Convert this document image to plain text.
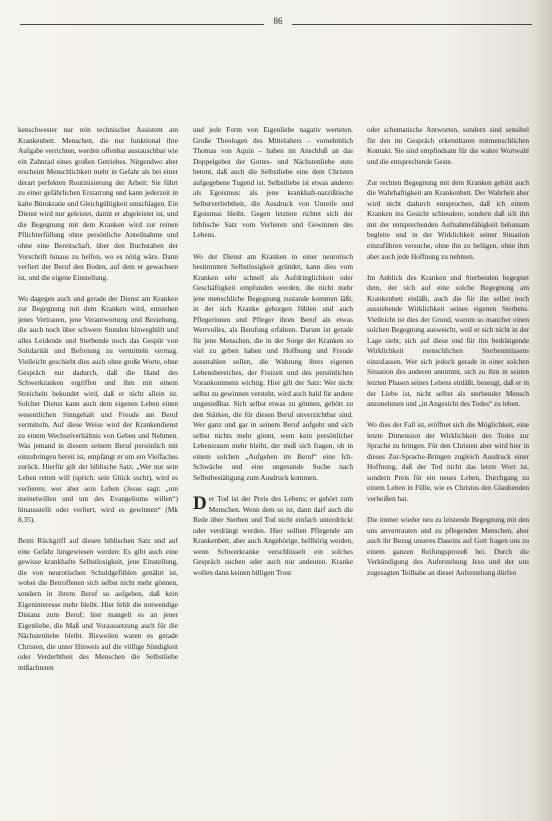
86

kenschwester nur rein technischer Assistent am Krankenbett. Menschen, die nur funktional ihre Aufgabe verrichten, werden offenbar austauschbar wie ein Zahnrad eines großen Getriebes. Nirgendwo aber erscheint Menschlichkeit mehr in Gefahr als bei einer derart perfekten Routinisierung der Arbeit: Sie führt zu einer gefährlichen Erstarrung und kann jederzeit in kalte Bürokratie und Gleichgültigkeit umschlagen. Ein Dienst wird nur geleistet, damit er abgeleistet ist, und die Begegnung mit dem Kranken wird zur reinen Pflichterfüllung ohne persönliche Anteilnahme und ohne eine Bereitschaft, über den Buchstaben der Vorschrift hinaus zu helfen, wo es nötig wäre. Dann verliert der Beruf den Boden, auf dem er gewachsen ist, und die eigene Einstellung.

Wo dagegen auch und gerade der Dienst am Kranken zur Begegnung mit dem Kranken wird, entstehen jenes Vertrauen, jene Verantwortung und Beziehung, die auch noch über schwere Stunden hinweghilft und alles Leidende und Sterbende noch das Gespür von Solidarität und Befreiung zu vermitteln vermag. Vielleicht geschieht dies auch ohne große Worte, ohne Gespräch nur dadurch, daß die Hand des Schwerkranken ergriffen und ihm mit einem Streicheln bekundet wird, daß er nicht allein ist. Solcher Dienst kann auch dem eigenen Leben einen wesentlichen Sinngehalt und Freude am Beruf vermitteln. Auf diese Weise wird der Krankendienst zu einem Wechselverhältnis von Geben und Nehmen. Was jemand in diesem seinem Beruf persönlich mit einzubringen bereit ist, empfängt er um ein Vielfaches zurück. Hierfür gilt der biblische Satz: „Wer nur sein Leben retten will (sprich: sein Glück sucht), wird es verlieren; wer aber sein Leben (Jesus sagt: „um meinetwillen und um des Evangeliums willen“) hinausstellt oder verliert, wird es gewinnen“ (Mk 8,35).

Beim Rückgriff auf diesen biblischen Satz und auf eine Gefahr hingewiesen werden: Es gibt auch eine gewisse krankhafte Selbstlosigkeit, jene Einstellung, die von neurotischen Schuldgefühlen genährt ist, wobei die Betroffenen sich selbst nicht mehr gönnen, sondern in ihrem Beruf so aufgehen, daß kein Eigeninteresse mehr bleibt. Hier fehlt die notwendige Distanz zum Beruf; hier mangelt es an jener Eigenliebe, die Maß und Voraussetzung auch für die Nächstenliebe bleibt. Bisweilen waren es gerade Christen, die unter Hinweis auf die völlige Sündigkeit oder Verderbtheit des Menschen die Selbstliebe mißachteten

und jede Form von Eigenliebe nagativ werteten. Große Theologen des Mittelalters – vornehmlich Thomas von Aquin – haben im Anschluß an das Doppelgebot der Gottes- und Nächstenliebe stets betont, daß auch die Selbstliebe eine dem Christen aufgegebene Tugend ist. Selbstliebe ist etwas anderes als Egoismus: als jene krankhaft-narzißtische Selbstverliebtheit, die Ausdruck von Unreife und Egoismus bleibt. Gegen letztere richtet sich der biblische Satz vom Verlieren und Gewinnen des Lebens.

Wo der Dienst am Kranken in einer neurotisch bestimmten Selbstlosigkeit gründet, kann dies vom Kranken sehr schnell als Aufdringlichkeit oder Geschäftigkeit empfunden werden, die nicht mehr jene menschliche Begegnung zustande kommen läßt, in der sich Kranke geborgen fühlen und auch Pflegerinnen und Pfleger ihren Beruf als etwas Wertvolles, als Berufung erfahren. Darum ist gerade für jene Menschen, die in der Sorge der Kranken so viel zu geben haben und Hoffnung und Freude ausstrahlen sollen, die Wahrung ihres eigenen Lebensbereiches, der Freizeit und des persönlichen Vorankommens wichtig. Hier gilt der Satz: Wer nicht selbst zu gewinnen versteht, wird auch bald für andere ungenießbar. Sich selbst etwas zu gönnen, gehört zu den Stärken, die für diesen Beruf unverzichtbar sind. Wer ganz und gar in seinem Beruf aufgeht und sich selbst nichts mehr gönnt, wem kein persönlicher Lebensraum mehr bleibt, der muß sich fragen, ob in einem solchen „Aufgehen im Beruf“ eine Ich-Schwäche und eine ungesunde Suche nach Selbstbestätigung zum Ausdruck kommen.

Der Tod ist der Preis des Lebens; er gehört zum Menschen. Wenn dem so ist, dann darf auch die Rede über Sterben und Tod nicht einfach unterdrückt oder verdrängt werden. Hier sollten Pflegende am Krankenbett, aber auch Angehörige, hellhörig werden, wenn Schwerkranke verschlüsselt ein solches Gespräch suchen oder auch nur andeuten. Kranke wollen dann keinen billigen Trost

oder schematische Antworten, sondern sind sensibel für den im Gespräch erkennbaren mitmenschlichen Kontakt. Sie sind empfindsam für die wahre Wortwahl und die entsprechende Geste.

Zur rechten Begegnung mit dem Kranken gehört auch die Wahrhaftigkeit am Krankenbett. Der Wahrheit aber wird nicht dadurch entsprochen, daß ich einem Kranken ins Gesicht schleudere, sondern daß ich ihn mit der entsprechenden Aufnahmefähigkeit behutsam begleite und in der Wirklichkeit seiner Situation einzuführen versuche, ohne ihn zu belügen, ohne ihm aber auch jede Hoffnung zu nehmen.

Im Anblick des Kranken und Sterbenden begegnet dem, der sich auf eine solche Begegnung am Krankenbett einläßt, auch die für ihn selbst noch ausstehende Wirklichkeit seines eigenen Sterbens. Vielleicht ist dies der Grund, warum so mancher einen solchen Begegnung ausweicht, weil er sich nicht in der Lage sieht, sich auf diese und für ihn bedrängende Wirklichkeit menschlichen Sterbenmüssens einzulassen. Wer sich jedoch gerade in einer solchen Situation des anderen annimmt, sich zu ihm in seinen letzten Phasen seines Lebens einläßt, bezeugt, daß er in der Liebe ist, nicht selbst als sterbender Mensch anzunehmen und „in Angesicht des Todes“ zu leben.

Wo dies der Fall ist, eröffnet sich die Möglichkeit, eine letzte Dimension der Wirklichkeit des Todes zur Sprache zu bringen. Für den Christen aber wird hier in dieses Zur-Sprache-Bringen zugleich Ausdruck einer Hoffnung, daß der Tod nicht das letzte Wort ist, sondern Preis für ein neues Leben, Durchgang zu einem Leben in Fülle, wie es Christus den Glaubenden verheißen hat.

Die immer wieder neu zu leistende Begegnung mit den uns anvertrauten und zu pflegenden Menschen, aber auch ihr Bezug unseres Daseins auf Gott fragen uns zu einem ganzen Reifungsprozeß bei. Durch die Verkündigung des Auferstehung Jesu und der uns zugesagten Teilhabe an dieser Auferstehung dürfen
